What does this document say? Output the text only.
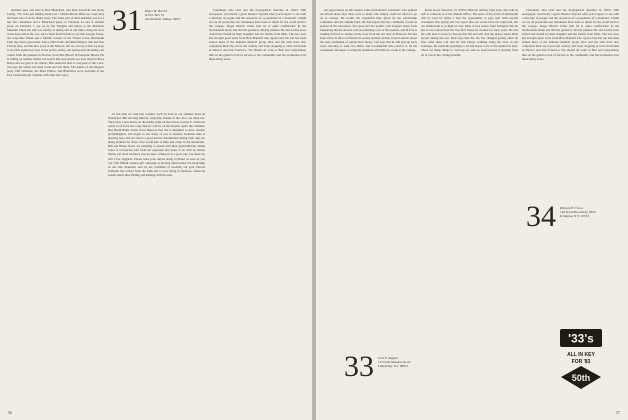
Another spin, and here is Bob Blanchard, and here Snowball and Nelly saying, "We were just talking about you." Charlie Reach, Bliss too, loud, they had been one of us for many years. The latest part of their planning was for a late fall classmates and a Blanchard party on February 24 and at another party, on February 7, put on by the Wiggins and Peters at the Maritime Museum where the talk was mostly of skiing and of old times along the river in the days before the war. And a flash from Florida to say that George Foster, our long-time friend and a faithful worker of the Winter Coast Dartmouth Club Sue, had a good time. Also to Bob Pratts and Ruth Pingree who had fine Florida tales, and the nice party at the Nelsons. All we can say is that we hope to be back again next year in the north country. An unexpected incoming call comes from the planters in Florida, from Ben Brown in Pompano Beach. He is calling on another matter, but boasts that Ann and he are now listed in Boca Raton and are glad to be visited. Ben sends his best to everyone of the Crew, and says the winter has been warm and wet there. The names of the Wiggins party Cliff Williams, the Brad Whites, and Blanchard were welcome at the Fort Lauderdale get together with Tom and Carol.

To the time we read this column, we'll be back at our summer place in Nantucket. Bill and Peg Murray, long-time friends of the class, are there too. They have a new house on the island, right on the harbor. George E. Schwartz sends word from the Cape that he will be on the Rapids again this summer. Peg Heath Baker writes from Hanover that she is delighted to have another granddaughter, and hopes to see many of you at reunion. Reunion time is drawing near, and we expect a good turnout. Dartmouth Outing Club trips are being planned for those who would like to hike and camp in the mountains. Bill and Helen Sweet are planning to attend with their grandchildren. Ralph Jones is recovering well from his operation and plans to be with us. Elmer Smith, our class treasurer, reports dues coming in at a good rate, but there are still a few laggards. Please send your checks along to Elmer as soon as you can. The fiftieth reunion gift campaign is moving ahead under the leadership of our able chairman, and we are confident of reaching our goal. Harold Williams has retired from the bank and is now living in Vermont, where he spends much time fishing and hunting with his sons.

Claremont who read and the biographical sketches in 1932's 50th newspaper, was hardly a great distance beyond what you'd expect to see with a shortage of people and the resources of a population of a thousand. I think we are all proud that our classmates have done so much for the world and for the college. Roger Burrill writes that he is quite comfortable in the Orchardside home and that his garden is already planted. He and Louise were visited last month by their daughter and her family from Ohio. The new year has brought great news from Bob Mandell who reports that his son has been named head of the Rutland medical group. Bob and his wife have also completed their trip across the country and back, stopping to visit old friends in Denver and San Francisco. We should all write to Bob and congratulate him on his grand record of service to his community and his profession over these many years.

31 Roger H. Burrill
R.F.D. Box 53
Orchardside, Maine, 04017
56

An appreciation on this subject came from Robert Goldstein, who pointed out that in those days there were so many who simply could not afford to go on to college. He recalls the wonderful help given by the scholarship committee and the alumni fund. We had hoped that the comments would be printed in the newsletter, but space did not permit. Carl Kapper writes from Jamesburg that he and his wife are planning to be at the reunion, and that he is looking forward to seeing all the boys from the old days in Hanover. He has been active in the local historical society and has written several articles about the early settlement of central New Jersey. Carl says that he still gets up early every morning to walk two miles, and recommends this practice to all his classmates. He hopes to bring his grandson with him for a look at the college.

Davis Road, Norwich, Vt. 05055. Historic articles from your class will be sent to someone or to the Alumni Office. The news of the world of Dartmouth will be read by many. I had the opportunity to play golf with several classmates this spring and can report that our scores have not improved, but our enthusiasm is as high as ever. Dick Crews writes from Irvington that he has at last retired from the law firm where he worked for forty years. He and his wife plan to travel to Europe this fall and will visit the places where Dick served during the war. Dick says that the city has changed greatly since he first came there, but that he still enjoys walking along the river in the evenings. He sends his greetings to all and hopes to be at the reunion in June. There are many things to catch up on, and we look forward to hearing from all of you in the coming months.

Claremont who read and the biographical sketches in 1932's 50th newspaper, was hardly a great distance beyond what you'd expect to see with a shortage of people and the resources of a population of a thousand. I think we are all proud that our classmates have done so much for the world and for the college. Roger Burrill writes that he is quite comfortable in the Orchardside home and that his garden is already planted. He and Louise were visited last month by their daughter and her family from Ohio. The new year has brought great news from Bob Mandell who reports that his son has been named head of the Rutland medical group. Bob and his wife have also completed their trip across the country and back, stopping to visit old friends in Denver and San Francisco. We should all write to Bob and congratulate him on his grand record of service to his community and his profession over these many years.

33 Carl E. Kapper
1174 Old Meadow Road
Jamesburg, N.J. 08831
34 Richard F. Crews
140 North Broadway, #812
Irvington, N.Y. 10533
57
'33's
ALL IN KEY
FOR '83
50th
